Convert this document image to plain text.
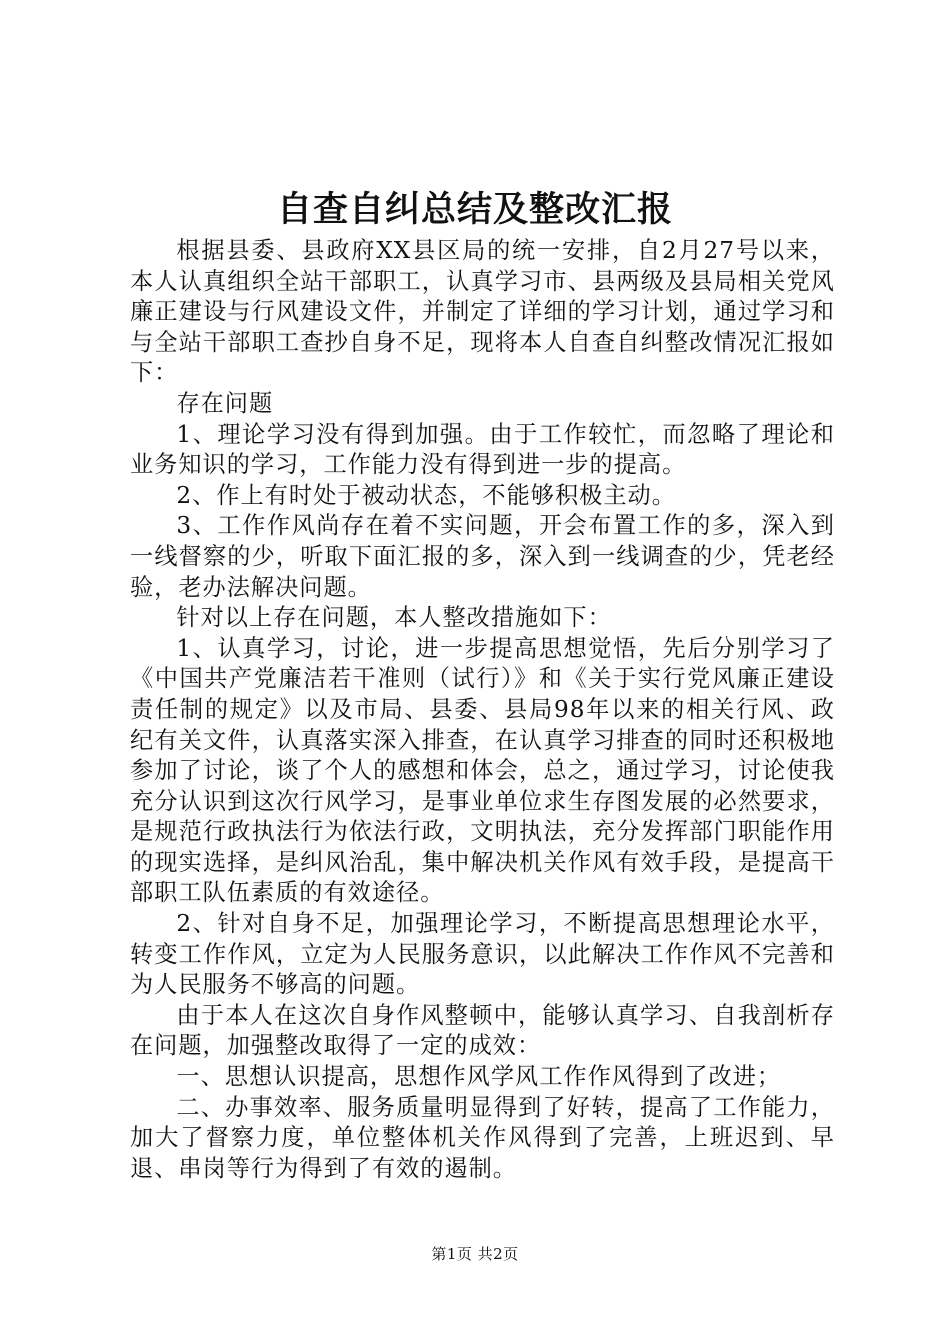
自查自纠总结及整改汇报

根据县委、县政府XX县区局的统一安排，自2月27号以来，本人认真组织全站干部职工，认真学习市、县两级及县局相关党风廉正建设与行风建设文件，并制定了详细的学习计划，通过学习和与全站干部职工查抄自身不足，现将本人自查自纠整改情况汇报如下：

存在问题

1、理论学习没有得到加强。由于工作较忙，而忽略了理论和业务知识的学习，工作能力没有得到进一步的提高。

2、作上有时处于被动状态，不能够积极主动。

3、工作作风尚存在着不实问题，开会布置工作的多，深入到一线督察的少，听取下面汇报的多，深入到一线调查的少，凭老经验，老办法解决问题。

针对以上存在问题，本人整改措施如下：

1、认真学习，讨论，进一步提高思想觉悟，先后分别学习了《中国共产党廉洁若干准则（试行）》和《关于实行党风廉正建设责任制的规定》以及市局、县委、县局98年以来的相关行风、政纪有关文件，认真落实深入排查，在认真学习排查的同时还积极地参加了讨论，谈了个人的感想和体会，总之，通过学习，讨论使我充分认识到这次行风学习，是事业单位求生存图发展的必然要求，是规范行政执法行为依法行政，文明执法，充分发挥部门职能作用的现实选择，是纠风治乱，集中解决机关作风有效手段，是提高干部职工队伍素质的有效途径。

2、针对自身不足，加强理论学习，不断提高思想理论水平，转变工作作风，立定为人民服务意识，以此解决工作作风不完善和为人民服务不够高的问题。

由于本人在这次自身作风整顿中，能够认真学习、自我剖析存在问题，加强整改取得了一定的成效：

一、思想认识提高，思想作风学风工作作风得到了改进；

二、办事效率、服务质量明显得到了好转，提高了工作能力，加大了督察力度，单位整体机关作风得到了完善，上班迟到、早退、串岗等行为得到了有效的遏制。

第1页 共2页
